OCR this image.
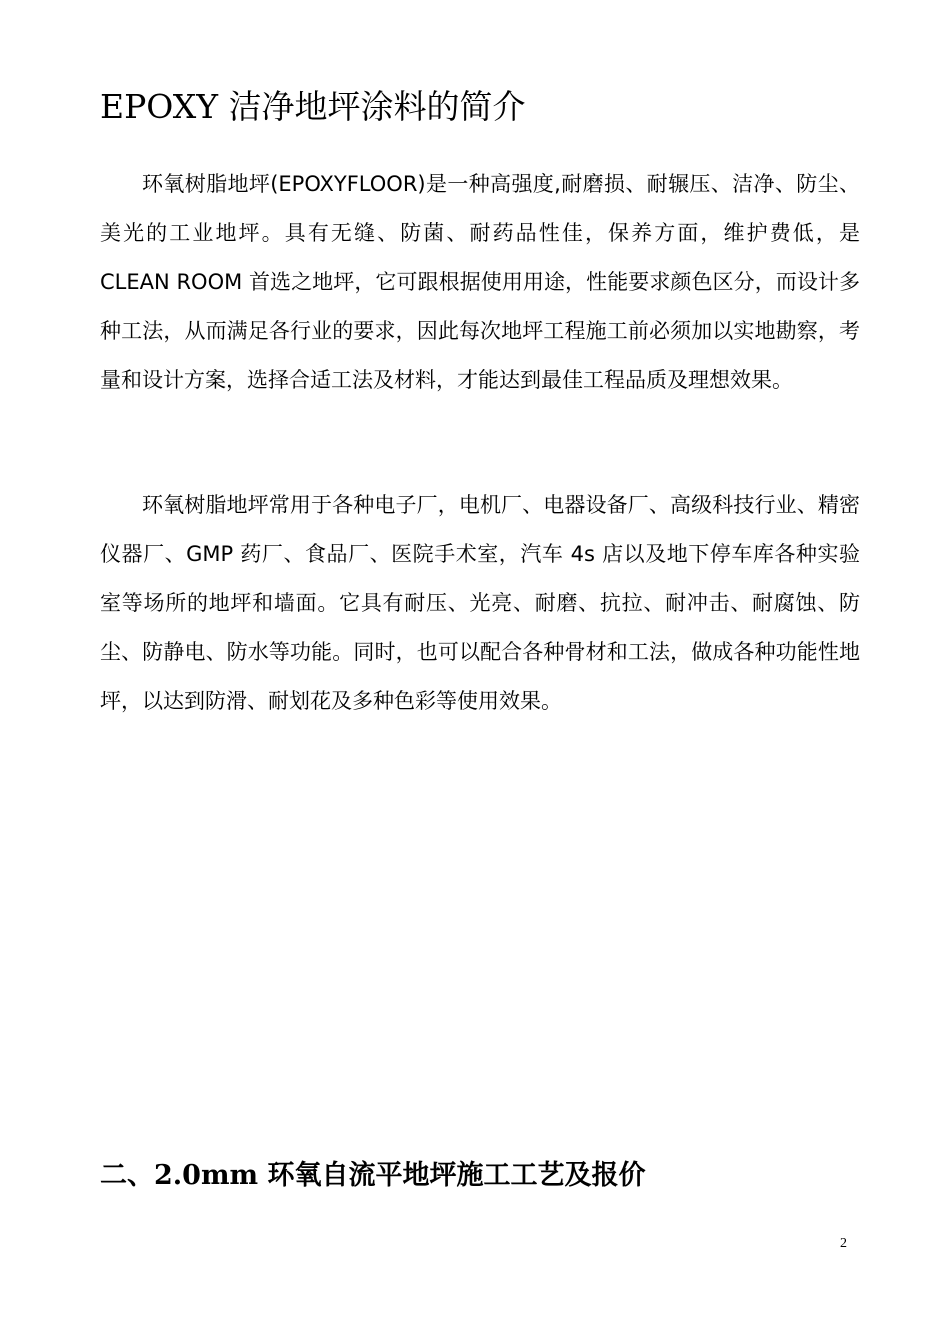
EPOXY 洁净地坪涂料的简介

环氧树脂地坪(EPOXYFLOOR)是一种高强度,耐磨损、耐辗压、洁净、防尘、美光的工业地坪。具有无缝、防菌、耐药品性佳，保养方面，维护费低，是 CLEAN ROOM 首选之地坪，它可跟根据使用用途，性能要求颜色区分，而设计多种工法，从而满足各行业的要求，因此每次地坪工程施工前必须加以实地勘察，考量和设计方案，选择合适工法及材料，才能达到最佳工程品质及理想效果。

环氧树脂地坪常用于各种电子厂，电机厂、电器设备厂、高级科技行业、精密仪器厂、GMP 药厂、食品厂、医院手术室，汽车 4s 店以及地下停车库各种实验室等场所的地坪和墙面。它具有耐压、光亮、耐磨、抗拉、耐冲击、耐腐蚀、防尘、防静电、防水等功能。同时，也可以配合各种骨材和工法，做成各种功能性地坪，以达到防滑、耐划花及多种色彩等使用效果。

二、2.0mm 环氧自流平地坪施工工艺及报价
2
